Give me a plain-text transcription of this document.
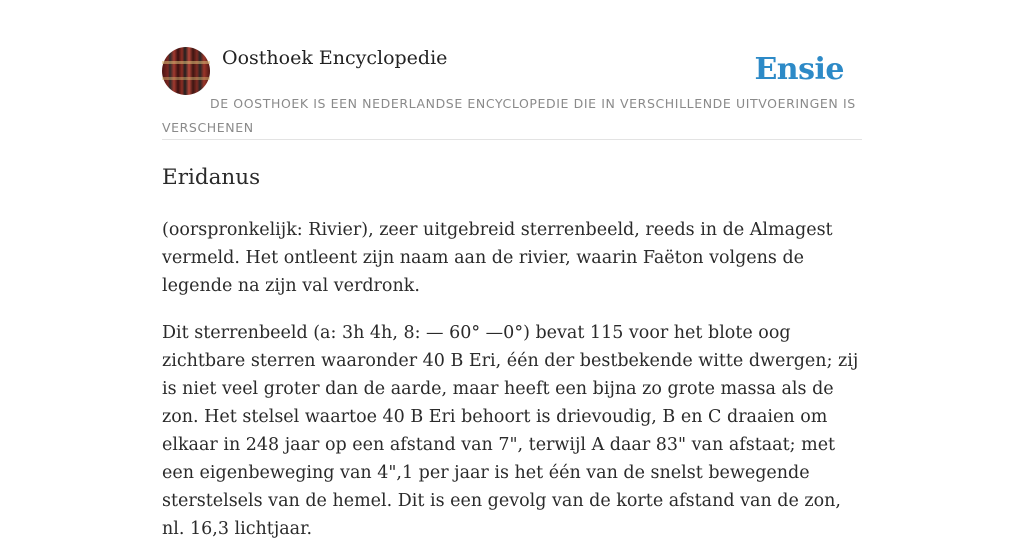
Oosthoek Encyclopedie	Ensie
DE OOSTHOEK IS EEN NEDERLANDSE ENCYCLOPEDIE DIE IN VERSCHILLENDE UITVOERINGEN IS VERSCHENEN
Eridanus

(oorspronkelijk: Rivier), zeer uitgebreid sterrenbeeld, reeds in de Almagest vermeld. Het ontleent zijn naam aan de rivier, waarin Faëton volgens de legende na zijn val verdronk.

Dit sterrenbeeld (a: 3h 4h, 8: — 60° —0°) bevat 115 voor het blote oog zichtbare sterren waaronder 40 B Eri, één der bestbekende witte dwergen; zij is niet veel groter dan de aarde, maar heeft een bijna zo grote massa als de zon. Het stelsel waartoe 40 B Eri behoort is drievoudig, B en C draaien om elkaar in 248 jaar op een afstand van 7", terwijl A daar 83" van afstaat; met een eigenbeweging van 4",1 per jaar is het één van de snelst bewegende sterstelsels van de hemel. Dit is een gevolg van de korte afstand van de zon, nl. 16,3 lichtjaar.
